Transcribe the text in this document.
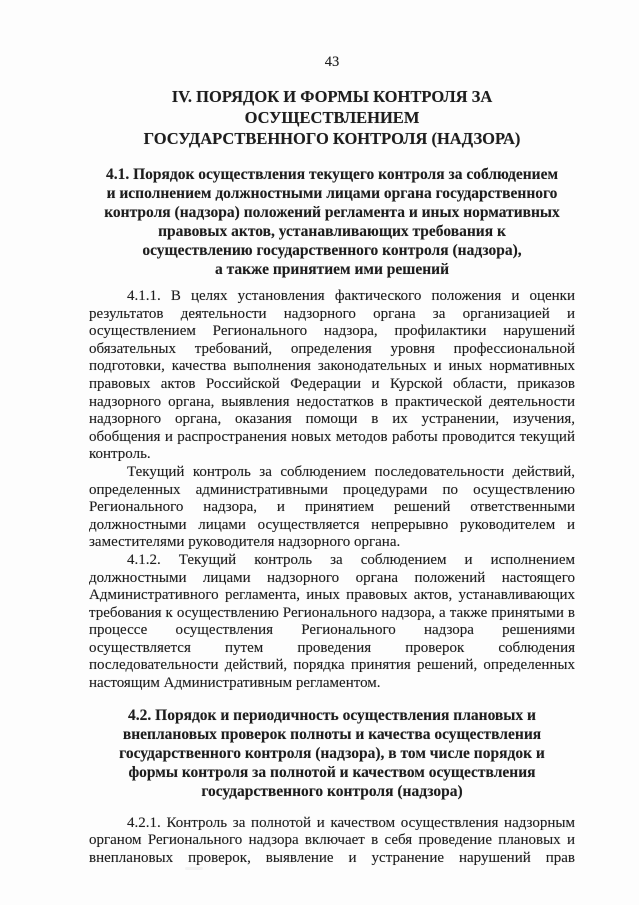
43
IV. ПОРЯДОК И ФОРМЫ КОНТРОЛЯ ЗА ОСУЩЕСТВЛЕНИЕМ
ГОСУДАРСТВЕННОГО КОНТРОЛЯ (НАДЗОРА)
4.1. Порядок осуществления текущего контроля за соблюдением
и исполнением должностными лицами органа государственного
контроля (надзора) положений регламента и иных нормативных
правовых актов, устанавливающих требования к
осуществлению государственного контроля (надзора),
а также принятием ими решений
4.1.1. В целях установления фактического положения и оценки
результатов деятельности надзорного органа за организацией и
осуществлением Регионального надзора, профилактики нарушений
обязательных требований, определения уровня профессиональной
подготовки, качества выполнения законодательных и иных нормативных
правовых актов Российской Федерации и Курской области, приказов
надзорного органа, выявления недостатков в практической деятельности
надзорного органа, оказания помощи в их устранении, изучения,
обобщения и распространения новых методов работы проводится текущий
контроль.
Текущий контроль за соблюдением последовательности действий,
определенных административными процедурами по осуществлению
Регионального надзора, и принятием решений ответственными
должностными лицами осуществляется непрерывно руководителем и
заместителями руководителя надзорного органа.
4.1.2. Текущий контроль за соблюдением и исполнением
должностными лицами надзорного органа положений настоящего
Административного регламента, иных правовых актов, устанавливающих
требования к осуществлению Регионального надзора, а также принятыми в
процессе осуществления Регионального надзора решениями
осуществляется путем проведения проверок соблюдения
последовательности действий, порядка принятия решений, определенных
настоящим Административным регламентом.
4.2. Порядок и периодичность осуществления плановых и
внеплановых проверок полноты и качества осуществления
государственного контроля (надзора), в том числе порядок и
формы контроля за полнотой и качеством осуществления
государственного контроля (надзора)
4.2.1. Контроль за полнотой и качеством осуществления надзорным
органом Регионального надзора включает в себя проведение плановых и
внеплановых проверок, выявление и устранение нарушений прав
